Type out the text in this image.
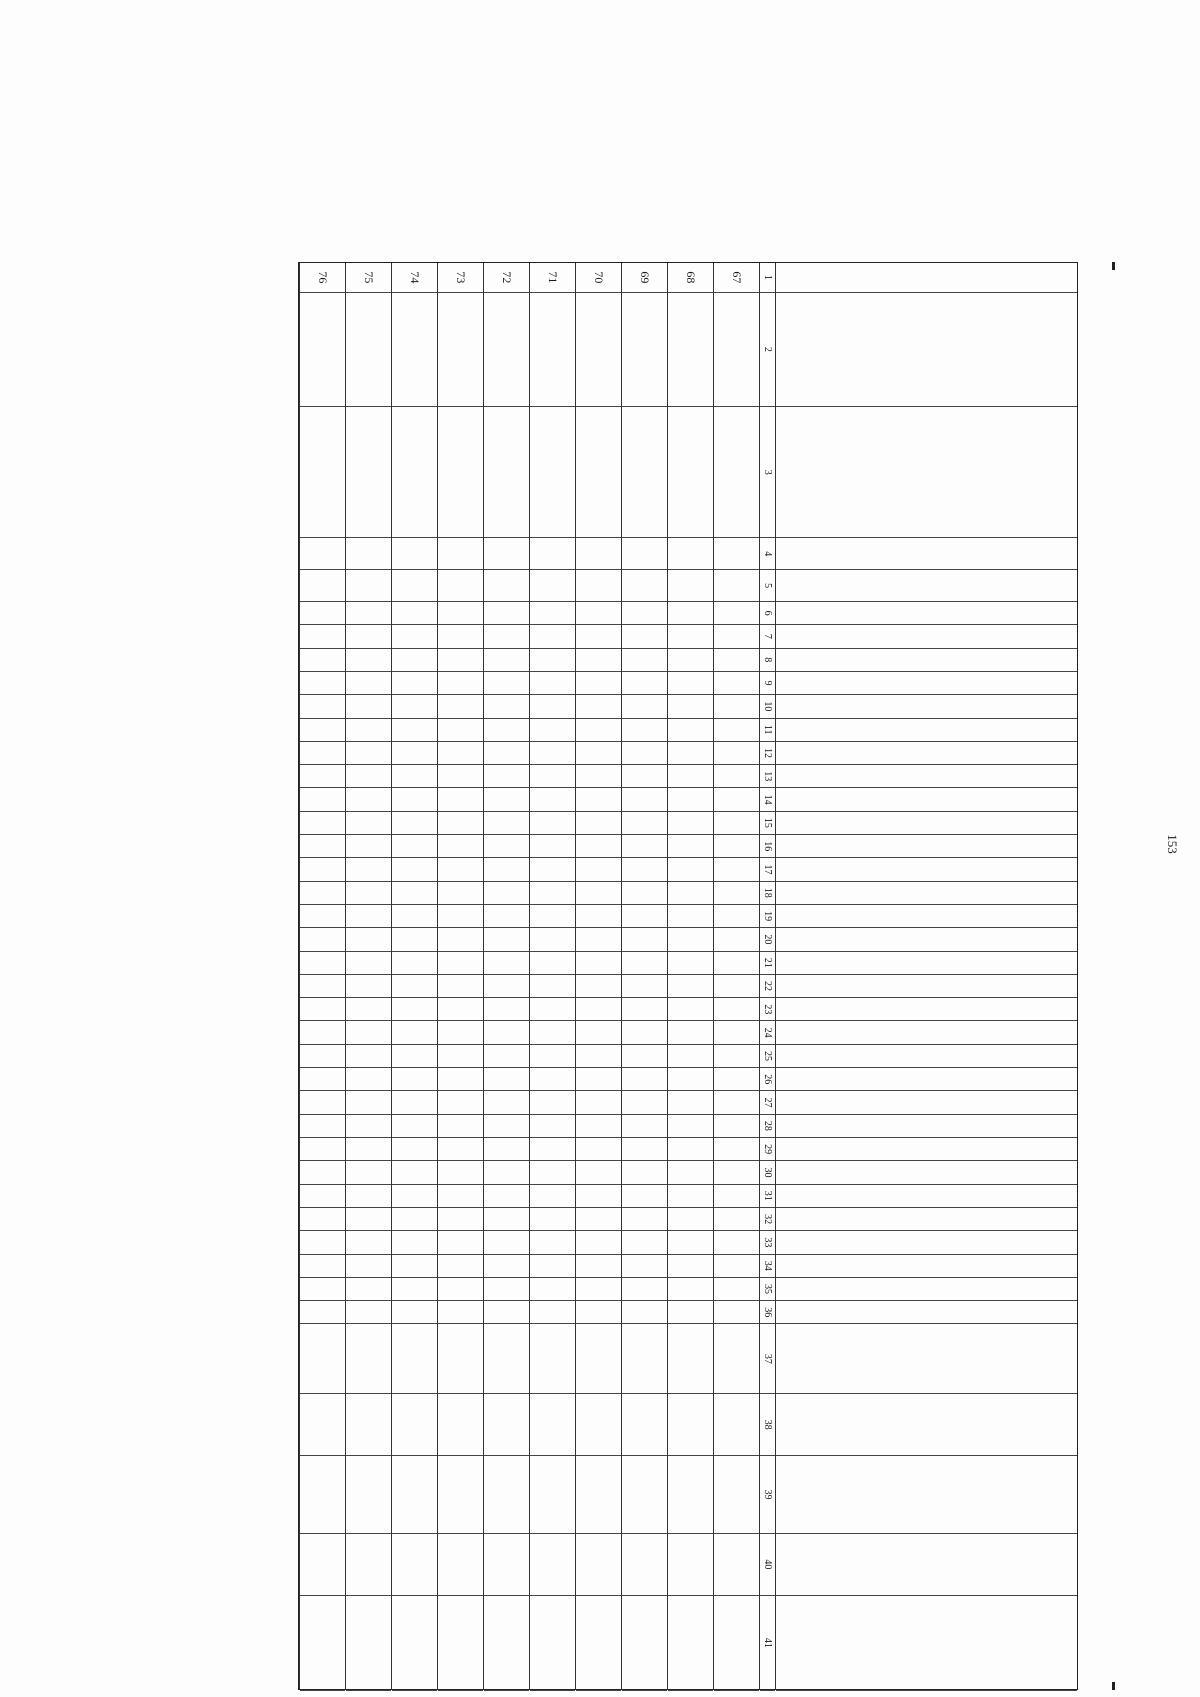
1
2
3
4
5
6
7
8
9
10
11
12
13
14
15
16
17
18
19
20
21
22
23
24
25
26
27
28
29
30
31
32
33
34
35
36
37
38
39
40
41
67
68
69
70
71
72
73
74
75
76
153
